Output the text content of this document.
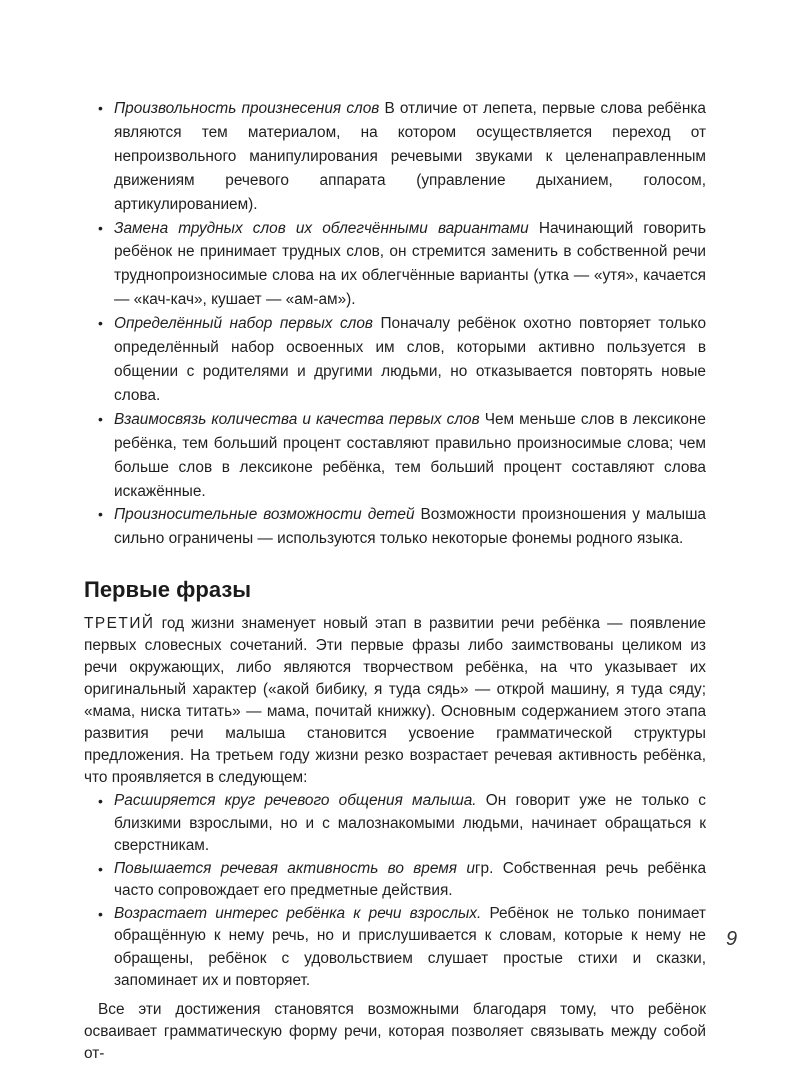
• Произвольность произнесения слов В отличие от лепета, первые слова ребёнка являются тем материалом, на котором осуществляется переход от непроизвольного манипулирования речевыми звуками к целенаправленным движениям речевого аппарата (управление дыханием, голосом, артикулированием).
• Замена трудных слов их облегчёнными вариантами Начинающий говорить ребёнок не принимает трудных слов, он стремится заменить в собственной речи труднопроизносимые слова на их облегчённые варианты (утка — «утя», качается — «кач-кач», кушает — «ам-ам»).
• Определённый набор первых слов Поначалу ребёнок охотно повторяет только определённый набор освоенных им слов, которыми активно пользуется в общении с родителями и другими людьми, но отказывается повторять новые слова.
• Взаимосвязь количества и качества первых слов Чем меньше слов в лексиконе ребёнка, тем больший процент составляют правильно произносимые слова; чем больше слов в лексиконе ребёнка, тем больший процент составляют слова искажённые.
• Произносительные возможности детей Возможности произношения у малыша сильно ограничены — используются только некоторые фонемы родного языка.
Первые фразы

ТРЕТИЙ год жизни знаменует новый этап в развитии речи ребёнка — появление первых словесных сочетаний. Эти первые фразы либо заимствованы целиком из речи окружающих, либо являются творчеством ребёнка, на что указывает их оригинальный характер («акой бибику, я туда сядь» — открой машину, я туда сяду; «мама, ниска титать» — мама, почитай книжку). Основным содержанием этого этапа развития речи малыша становится усвоение грамматической структуры предложения. На третьем году жизни резко возрастает речевая активность ребёнка, что проявляется в следующем:

• Расширяется круг речевого общения малыша. Он говорит уже не только с близкими взрослыми, но и с малознакомыми людьми, начинает обращаться к сверстникам.
• Повышается речевая активность во время игр. Собственная речь ребёнка часто сопровождает его предметные действия.
• Возрастает интерес ребёнка к речи взрослых. Ребёнок не только понимает обращённую к нему речь, но и прислушивается к словам, которые к нему не обращены, ребёнок с удовольствием слушает простые стихи и сказки, запоминает их и повторяет.

Все эти достижения становятся возможными благодаря тому, что ребёнок осваивает грамматическую форму речи, которая позволяет связывать между собой от-

9
